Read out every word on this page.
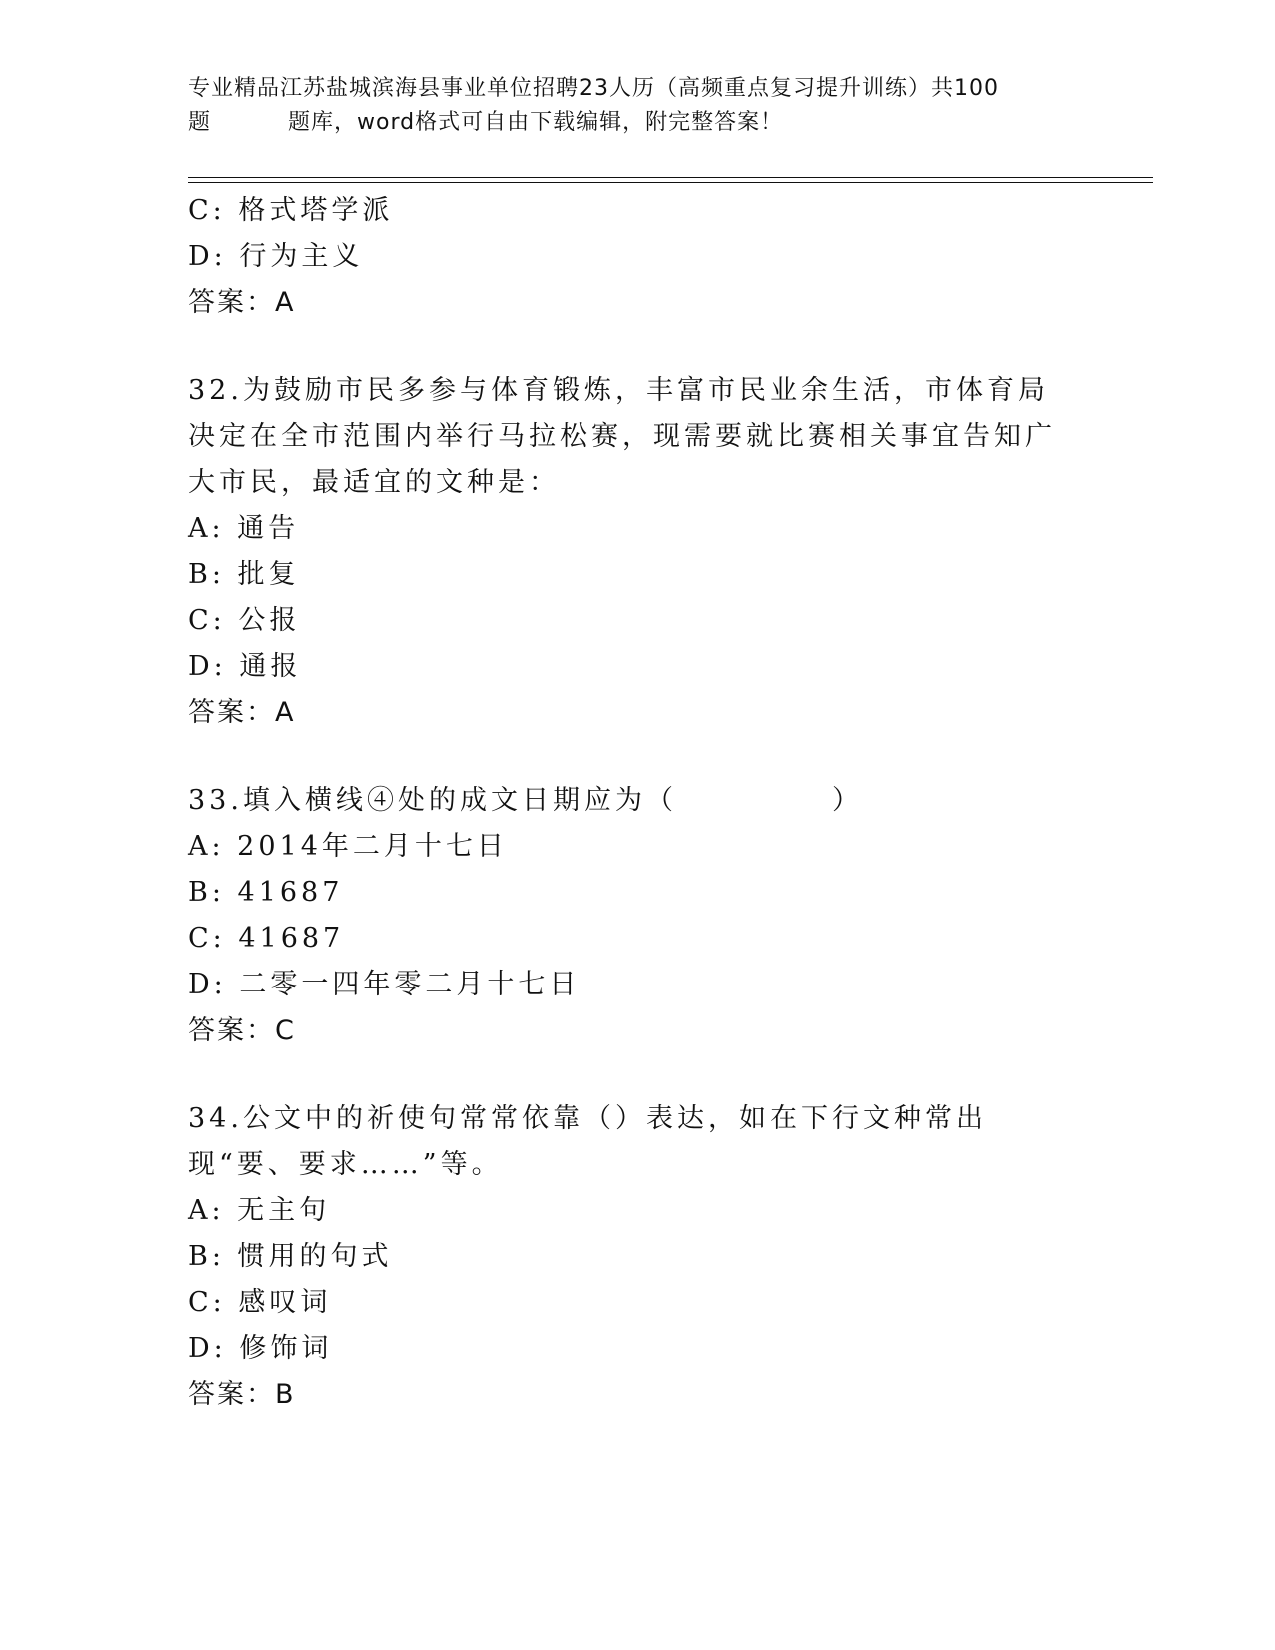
专业精品江苏盐城滨海县事业单位招聘23人历（高频重点复习提升训练）共100
题	题库，word格式可自由下载编辑，附完整答案！
C: 格式塔学派
D: 行为主义
答案：A
32.为鼓励市民多参与体育锻炼，丰富市民业余生活，市体育局决定在全市范围内举行马拉松赛，现需要就比赛相关事宜告知广大市民，最适宜的文种是：
A: 通告
B: 批复
C: 公报
D: 通报
答案：A
33.填入横线④处的成文日期应为（　　　　　）
A: 2014年二月十七日
B: 41687
C: 41687
D: 二零一四年零二月十七日
答案：C
34.公文中的祈使句常常依靠（）表达，如在下行文种常出现“要、要求……”等。
A: 无主句
B: 惯用的句式
C: 感叹词
D: 修饰词
答案：B
